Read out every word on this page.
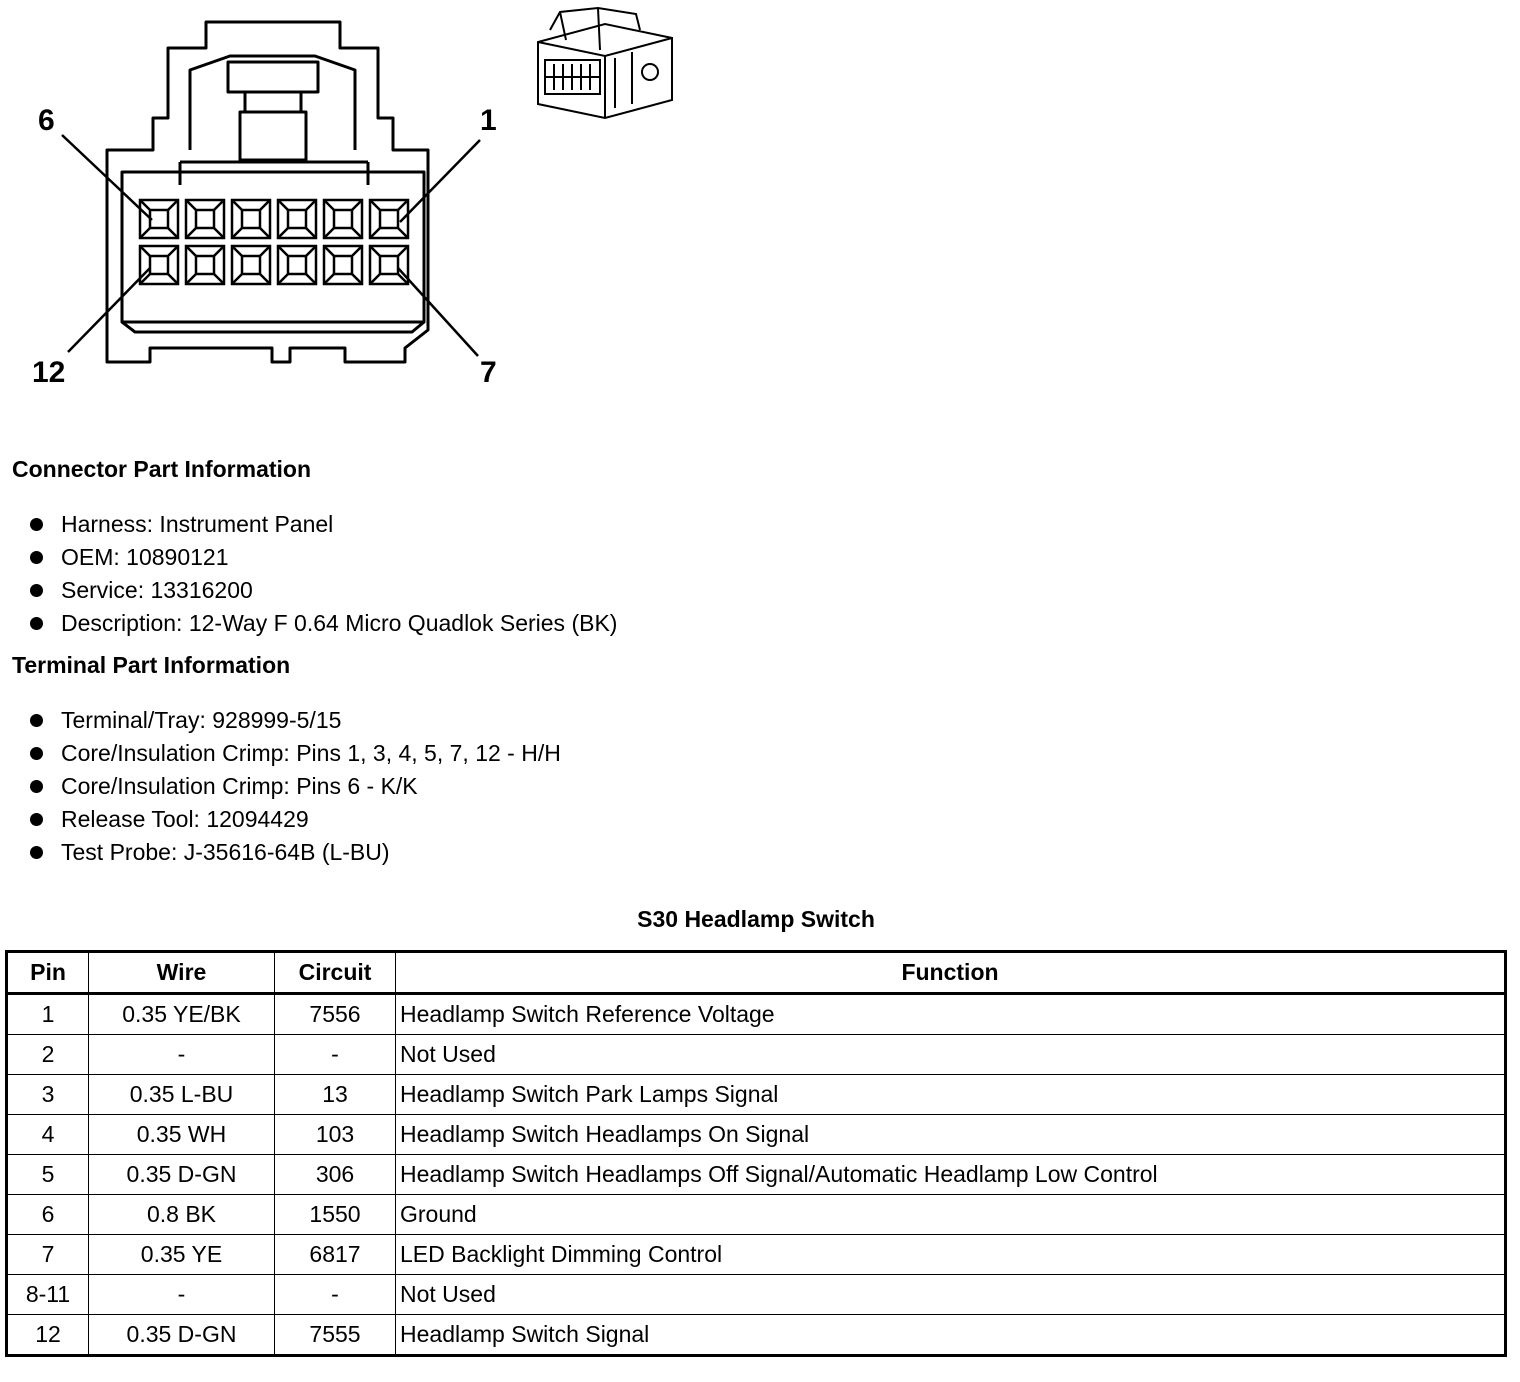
6	1
12	7
Connector Part Information
Harness: Instrument Panel
OEM: 10890121
Service: 13316200
Description: 12-Way F 0.64 Micro Quadlok Series (BK)
Terminal Part Information
Terminal/Tray: 928999-5/15
Core/Insulation Crimp: Pins 1, 3, 4, 5, 7, 12 - H/H
Core/Insulation Crimp: Pins 6 - K/K
Release Tool: 12094429
Test Probe: J-35616-64B (L-BU)
S30 Headlamp Switch
Pin	Wire	Circuit	Function
1	0.35 YE/BK	7556	Headlamp Switch Reference Voltage
2	-	-	Not Used
3	0.35 L-BU	13	Headlamp Switch Park Lamps Signal
4	0.35 WH	103	Headlamp Switch Headlamps On Signal
5	0.35 D-GN	306	Headlamp Switch Headlamps Off Signal/Automatic Headlamp Low Control
6	0.8 BK	1550	Ground
7	0.35 YE	6817	LED Backlight Dimming Control
8-11	-	-	Not Used
12	0.35 D-GN	7555	Headlamp Switch Signal
